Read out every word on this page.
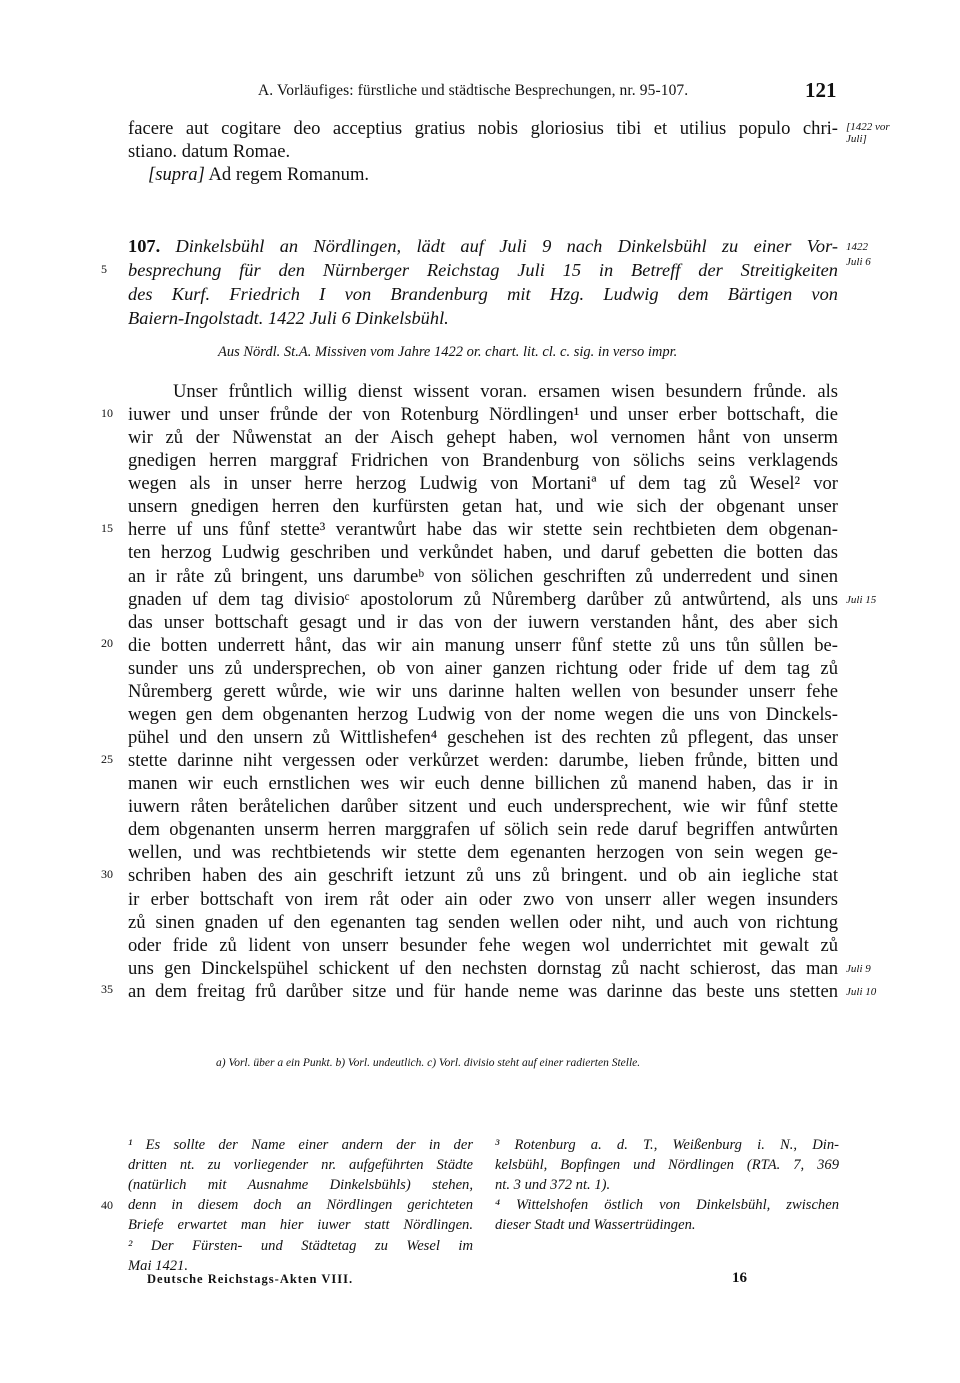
A. Vorläufiges: fürstliche und städtische Besprechungen, nr. 95-107.	121
facere aut cogitare deo acceptius gratius nobis gloriosius tibi et utilius populo chri-
stiano. datum Romae.
[supra] Ad regem Romanum.
[1422 vor Juli]
107. Dinkelsbühl an Nördlingen, lädt auf Juli 9 nach Dinkelsbühl zu einer Vor-
besprechung für den Nürnberger Reichstag Juli 15 in Betreff der Streitigkeiten
des Kurf. Friedrich I von Brandenburg mit Hzg. Ludwig dem Bärtigen von
Baiern-Ingolstadt. 1422 Juli 6 Dinkelsbühl.
1422 Juli 6
Aus Nördl. St.A. Missiven vom Jahre 1422 or. chart. lit. cl. c. sig. in verso impr.
Unser frůntlich willig dienst wissent voran. ersamen wisen besundern frůnde. als
iuwer und unser frůnde der von Rotenburg Nördlingen¹ und unser erber bottschaft, die
wir zů der Nůwenstat an der Aisch gehept haben, wol vernomen hånt von unserm
gnedigen herren marggraf Fridrichen von Brandenburg von sölichs seins verklagends
wegen als in unser herre herzog Ludwig von Mortaniª uf dem tag zů Wesel² vor
unsern gnedigen herren den kurfürsten getan hat, und wie sich der obgenant unser
herre uf uns fůnf stette³ verantwůrt habe das wir stette sein rechtbieten dem obgenan-
ten herzog Ludwig geschriben und verkůndet haben, und daruf gebetten die botten das
an ir råte zů bringent, uns darumbeᵇ von sölichen geschriften zů underredent und sinen
gnaden uf dem tag divisioᶜ apostolorum zů Nůremberg darůber zů antwůrtend, als uns
das unser bottschaft gesagt und ir das von der iuwern verstanden hånt, des aber sich
die botten underrett hånt, das wir ain manung unserr fůnf stette zů uns tůn sůllen be-
sunder uns zů undersprechen, ob von ainer ganzen richtung oder fride uf dem tag zů
Nůremberg gerett wůrde, wie wir uns darinne halten wellen von besunder unserr fehe
wegen gen dem obgenanten herzog Ludwig von der nome wegen die uns von Dinckels-
pühel und den unsern zů Wittlishefen⁴ geschehen ist des rechten zů pflegent, das unser
stette darinne niht vergessen oder verkůrzet werden: darumbe, lieben frůnde, bitten und
manen wir euch ernstlichen wes wir euch denne billichen zů manend haben, das ir in
iuwern råten beråtelichen darůber sitzent und euch undersprechent, wie wir fůnf stette
dem obgenanten unserm herren marggrafen uf sölich sein rede daruf begriffen antwůrten
wellen, und was rechtbietends wir stette dem egenanten herzogen von sein wegen ge-
schriben haben des ain geschrift ietzunt zů uns zů bringent. und ob ain iegliche stat
ir erber bottschaft von irem råt oder ain oder zwo von unserr aller wegen insunders
zů sinen gnaden uf den egenanten tag senden wellen oder niht, und auch von richtung
oder fride zů lident von unserr besunder fehe wegen wol underrichtet mit gewalt zů
uns gen Dinckelspühel schickent uf den nechsten dornstag zů nacht schierost, das man
an dem freitag frů darůber sitze und für hande neme was darinne das beste uns stetten
5
10
15
20
25
30
35
40
Juli 15
Juli 9
Juli 10
a) Vorl. über a ein Punkt. b) Vorl. undeutlich. c) Vorl. divisio steht auf einer radierten Stelle.
¹ Es sollte der Name einer andern der in der
dritten nt. zu vorliegender nr. aufgeführten Städte
(natürlich mit Ausnahme Dinkelsbühls) stehen,
denn in diesem doch an Nördlingen gerichteten
Briefe erwartet man hier iuwer statt Nördlingen.
² Der Fürsten- und Städtetag zu Wesel im
Mai 1421.
³ Rotenburg a. d. T., Weißenburg i. N., Din-
kelsbühl, Bopfingen und Nördlingen (RTA. 7, 369
nt. 3 und 372 nt. 1).
⁴ Wittelshofen östlich von Dinkelsbühl, zwischen
dieser Stadt und Wassertrüdingen.
Deutsche Reichstags-Akten VIII.	16
